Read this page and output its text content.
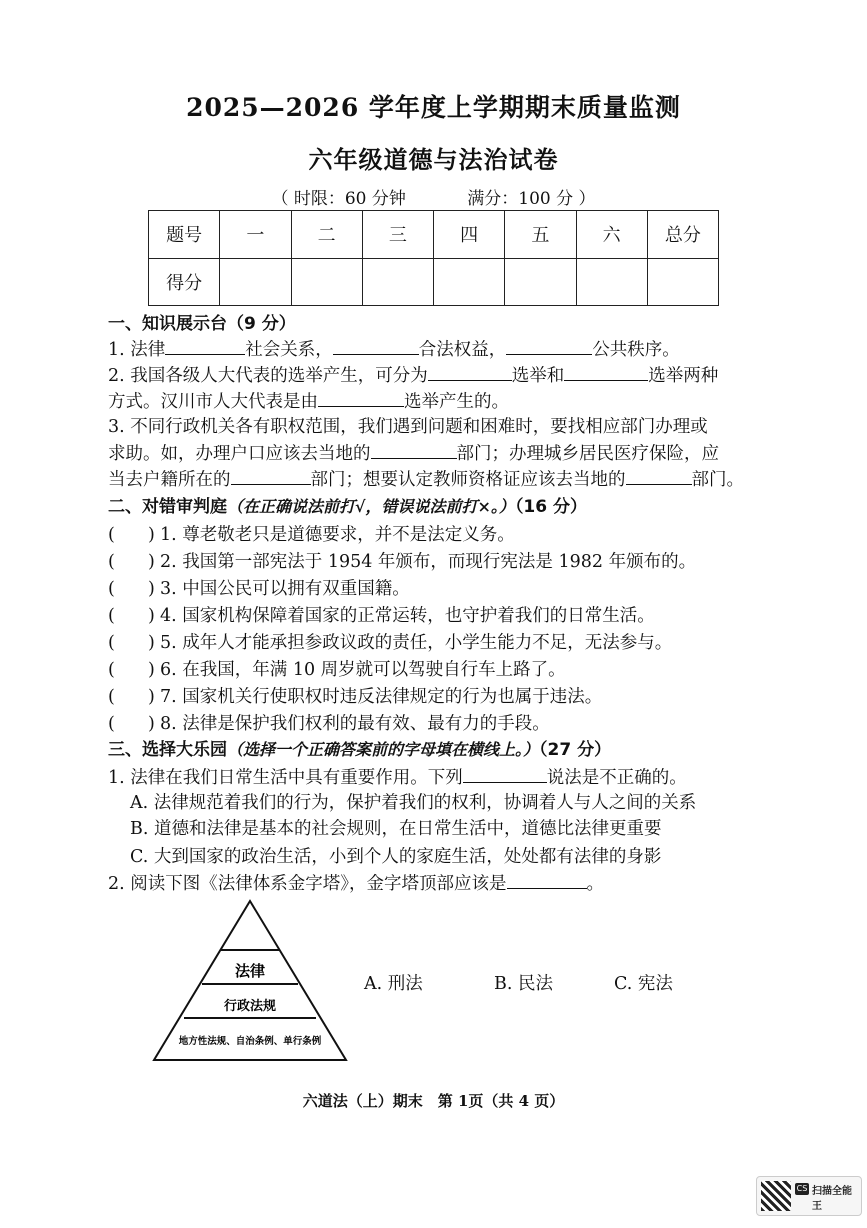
2025—2026 学年度上学期期末质量监测
六年级道德与法治试卷
（ 时限：60 分钟	满分：100 分 ）
题号	一	二	三	四	五	六	总分
得分							
一、知识展示台（9 分）
1. 法律	社会关系，	合法权益，	公共秩序。
2. 我国各级人大代表的选举产生，可分为	选举和	选举两种
方式。汉川市人大代表是由	选举产生的。
3. 不同行政机关各有职权范围，我们遇到问题和困难时，要找相应部门办理或
求助。如，办理户口应该去当地的	部门；办理城乡居民医疗保险，应
当去户籍所在的	部门；想要认定教师资格证应该去当地的	部门。
二、对错审判庭（在正确说法前打√，错误说法前打×。）（16 分）
( ) 1. 尊老敬老只是道德要求，并不是法定义务。
( ) 2. 我国第一部宪法于 1954 年颁布，而现行宪法是 1982 年颁布的。
( ) 3. 中国公民可以拥有双重国籍。
( ) 4. 国家机构保障着国家的正常运转，也守护着我们的日常生活。
( ) 5. 成年人才能承担参政议政的责任，小学生能力不足，无法参与。
( ) 6. 在我国，年满 10 周岁就可以驾驶自行车上路了。
( ) 7. 国家机关行使职权时违反法律规定的行为也属于违法。
( ) 8. 法律是保护我们权利的最有效、最有力的手段。
三、选择大乐园（选择一个正确答案前的字母填在横线上。）（27 分）
1. 法律在我们日常生活中具有重要作用。下列	说法是不正确的。
A. 法律规范着我们的行为，保护着我们的权利，协调着人与人之间的关系
B. 道德和法律是基本的社会规则，在日常生活中，道德比法律更重要
C. 大到国家的政治生活，小到个人的家庭生活，处处都有法律的身影
2. 阅读下图《法律体系金字塔》，金字塔顶部应该是	。
法律
行政法规
地方性法规、自治条例、单行条例
A. 刑法	B. 民法	C. 宪法
六道法（上）期末　第 1页（共 4 页）
CS 扫描全能王
